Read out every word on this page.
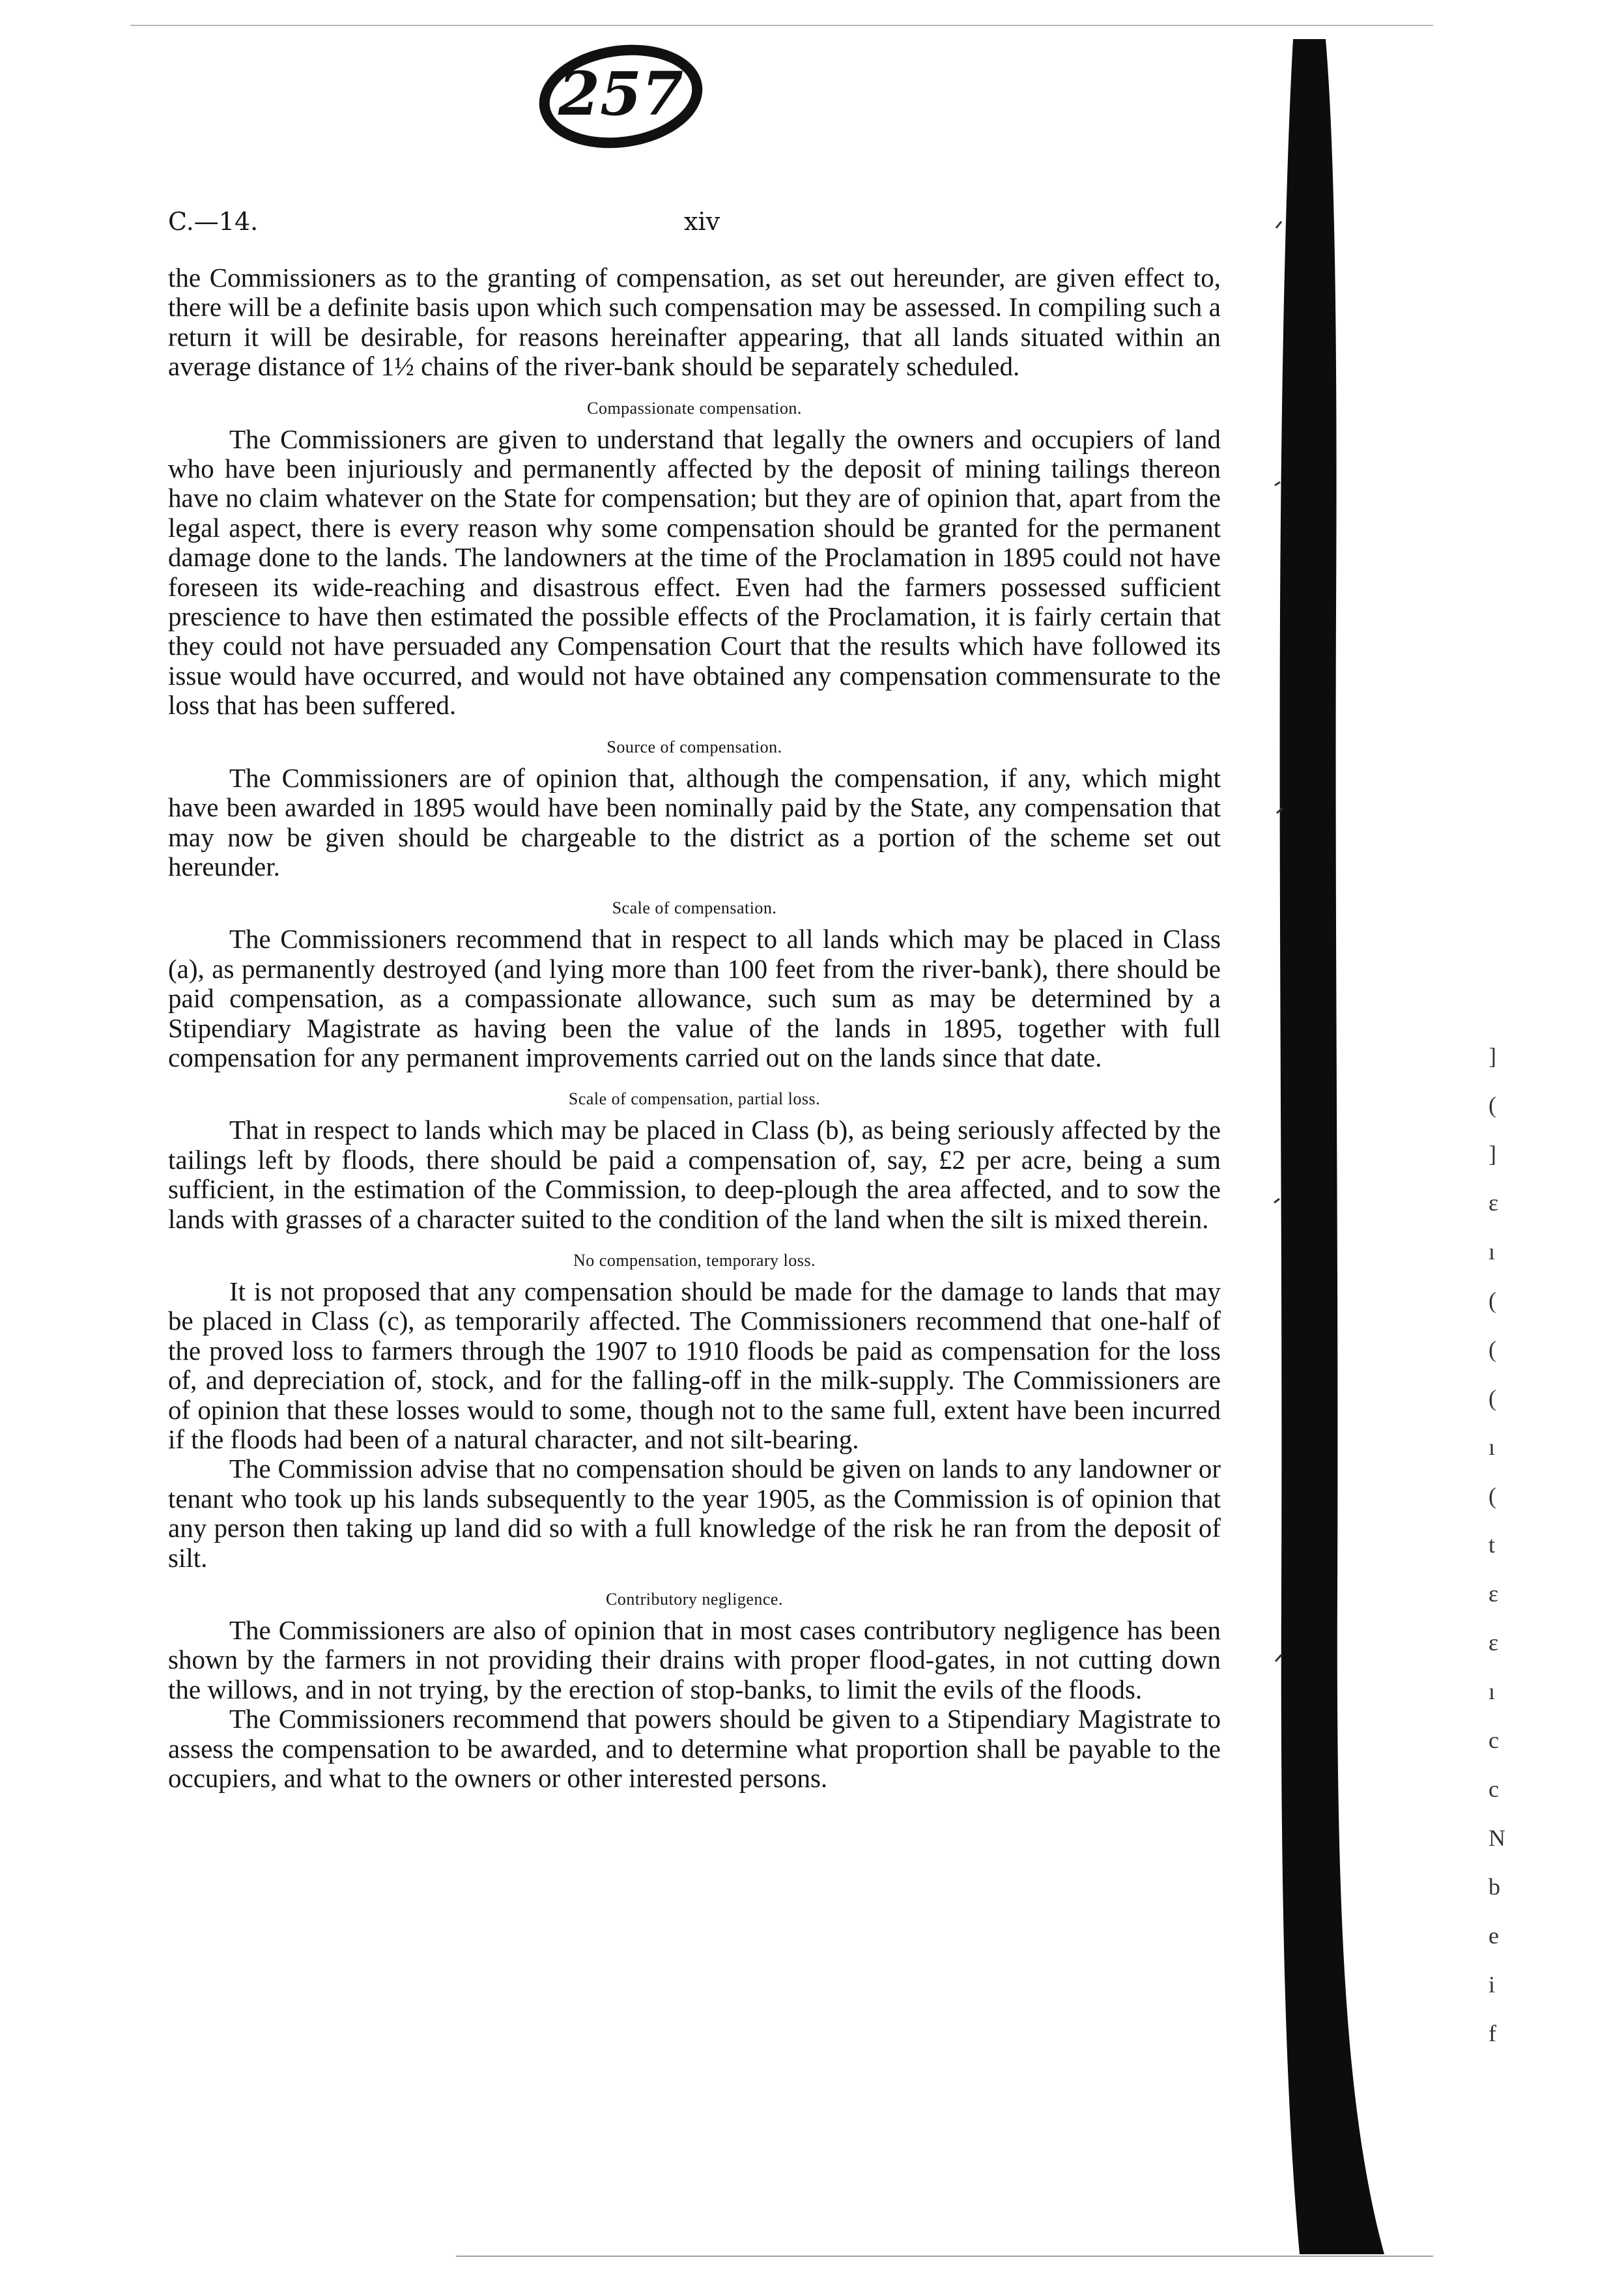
257
C.—14.	xiv

the Commissioners as to the granting of compensation, as set out hereunder, are given effect to, there will be a definite basis upon which such compensation may be assessed. In compiling such a return it will be desirable, for reasons hereinafter appearing, that all lands situated within an average distance of 1½ chains of the river-bank should be separately scheduled.

Compassionate compensation.

The Commissioners are given to understand that legally the owners and occupiers of land who have been injuriously and permanently affected by the deposit of mining tailings thereon have no claim whatever on the State for compensation; but they are of opinion that, apart from the legal aspect, there is every reason why some compensation should be granted for the permanent damage done to the lands. The landowners at the time of the Proclamation in 1895 could not have foreseen its wide-reaching and disastrous effect. Even had the farmers possessed sufficient prescience to have then estimated the possible effects of the Proclamation, it is fairly certain that they could not have persuaded any Compensation Court that the results which have followed its issue would have occurred, and would not have obtained any compensation commensurate to the loss that has been suffered.

Source of compensation.

The Commissioners are of opinion that, although the compensation, if any, which might have been awarded in 1895 would have been nominally paid by the State, any compensation that may now be given should be chargeable to the district as a portion of the scheme set out hereunder.

Scale of compensation.

The Commissioners recommend that in respect to all lands which may be placed in Class (a), as permanently destroyed (and lying more than 100 feet from the river-bank), there should be paid compensation, as a compassionate allowance, such sum as may be determined by a Stipendiary Magistrate as having been the value of the lands in 1895, together with full compensation for any permanent improvements carried out on the lands since that date.

Scale of compensation, partial loss.

That in respect to lands which may be placed in Class (b), as being seriously affected by the tailings left by floods, there should be paid a compensation of, say, £2 per acre, being a sum sufficient, in the estimation of the Commission, to deep-plough the area affected, and to sow the lands with grasses of a character suited to the condition of the land when the silt is mixed therein.

No compensation, temporary loss.

It is not proposed that any compensation should be made for the damage to lands that may be placed in Class (c), as temporarily affected. The Commissioners recommend that one-half of the proved loss to farmers through the 1907 to 1910 floods be paid as compensation for the loss of, and depreciation of, stock, and for the falling-off in the milk-supply. The Commissioners are of opinion that these losses would to some, though not to the same full, extent have been incurred if the floods had been of a natural character, and not silt-bearing.

The Commission advise that no compensation should be given on lands to any landowner or tenant who took up his lands subsequently to the year 1905, as the Commission is of opinion that any person then taking up land did so with a full knowledge of the risk he ran from the deposit of silt.

Contributory negligence.

The Commissioners are also of opinion that in most cases contributory negligence has been shown by the farmers in not providing their drains with proper flood-gates, in not cutting down the willows, and in not trying, by the erection of stop-banks, to limit the evils of the floods.

The Commissioners recommend that powers should be given to a Stipendiary Magistrate to assess the compensation to be awarded, and to determine what proportion shall be payable to the occupiers, and what to the owners or other interested persons.

]
(
]
ɛ
ı
(
(
(
ı
(
t
ɛ
ɛ
ı
c
c
N
b
e
i
f
